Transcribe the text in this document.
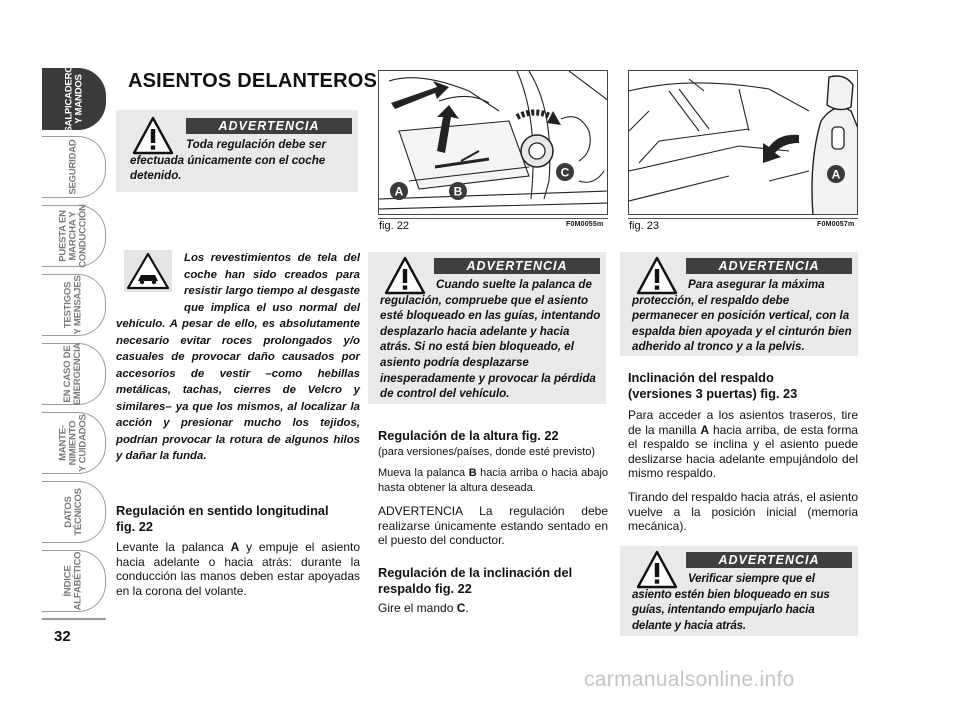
SALPICADERO
Y MANDOS
SEGURIDAD
PUESTA EN
MARCHA Y
CONDUCCIÓN
TESTIGOS
Y MENSAJES
EN CASO DE
EMERGENCIA
MANTE-
NIMIENTO
Y CUIDADOS
DATOS
TÉCNICOS
ÍNDICE
ALFABÉTICO
32
ASIENTOS DELANTEROS
ADVERTENCIA
Toda regulación debe ser efectuada únicamente con el coche detenido.
Los revestimientos de tela del coche han sido creados para resistir largo tiempo al desgaste que implica el uso normal del vehículo. A pesar de ello, es absolutamente necesario evitar roces prolongados y/o casuales de provocar daño causados por accesorios de vestir –como hebillas metálicas, tachas, cierres de Velcro y similares– ya que los mismos, al localizar la acción y presionar mucho los tejidos, podrían provocar la rotura de algunos hilos y dañar la funda.
Regulación en sentido longitudinal
fig. 22
Levante la palanca A y empuje el asiento hacia adelante o hacia atrás: durante la conducción las manos deben estar apoyadas en la corona del volante.
A	B
C
fig. 22	F0M0055m
ADVERTENCIA
Cuando suelte la palanca de regulación, compruebe que el asiento esté bloqueado en las guías, intentando desplazarlo hacia adelante y hacia atrás. Si no está bien bloqueado, el asiento podría desplazarse inesperadamente y provocar la pérdida de control del vehículo.
Regulación de la altura fig. 22
(para versiones/países, donde esté previsto)
Mueva la palanca B hacia arriba o hacia abajo hasta obtener la altura deseada.
ADVERTENCIA La regulación debe realizarse únicamente estando sentado en el puesto del conductor.
Regulación de la inclinación del
respaldo fig. 22
Gire el mando C.
A
fig. 23	F0M0057m
ADVERTENCIA
Para asegurar la máxima protección, el respaldo debe permanecer en posición vertical, con la espalda bien apoyada y el cinturón bien adherido al tronco y a la pelvis.
Inclinación del respaldo
(versiones 3 puertas) fig. 23
Para acceder a los asientos traseros, tire de la manilla A hacia arriba, de esta forma el respaldo se inclina y el asiento puede deslizarse hacia adelante empujándolo del mismo respaldo.
Tirando del respaldo hacia atrás, el asiento vuelve a la posición inicial (memoria mecánica).
ADVERTENCIA
Verificar siempre que el asiento estén bien bloqueado en sus guías, intentando empujarlo hacia delante y hacia atrás.
carmanualsonline.info
